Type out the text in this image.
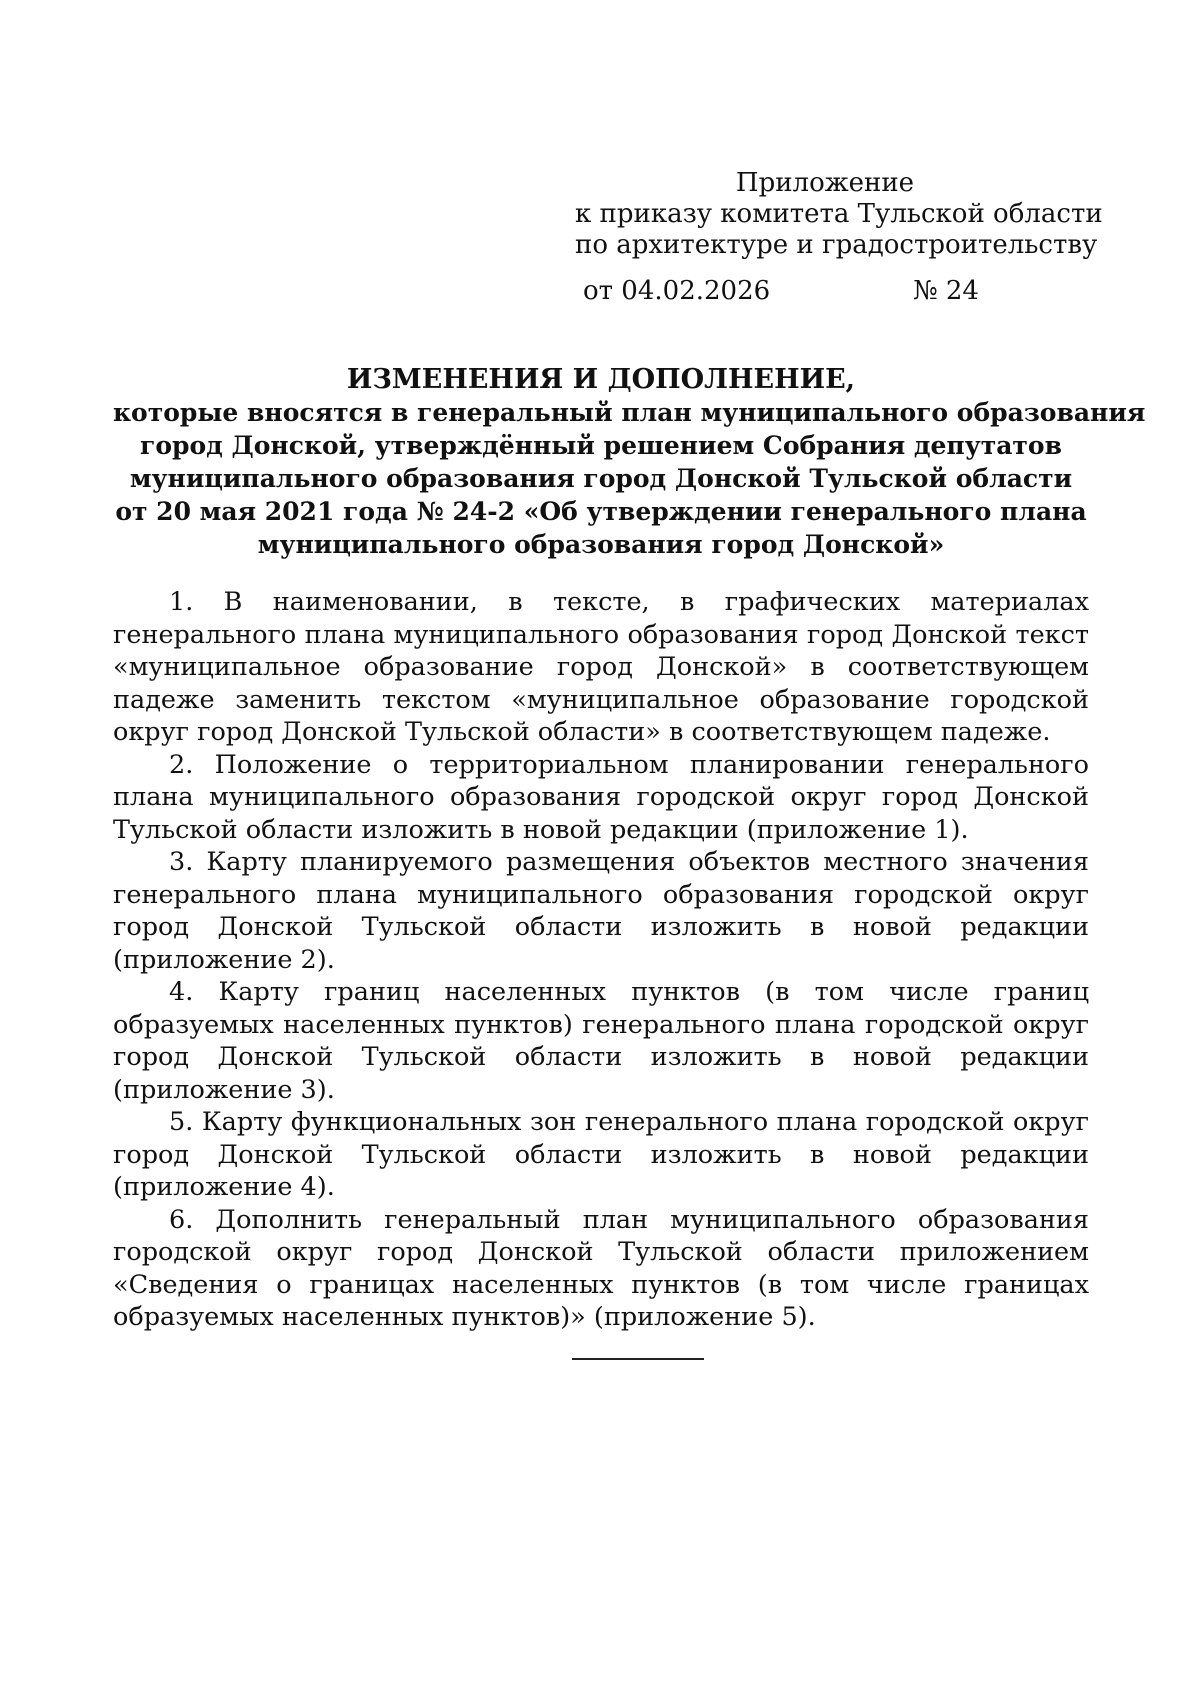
Приложение
к приказу комитета Тульской области
по архитектуре и градостроительству
от 04.02.2026	№ 24
ИЗМЕНЕНИЯ И ДОПОЛНЕНИЕ,
которые вносятся в генеральный план муниципального образования
город Донской, утверждённый решением Собрания депутатов
муниципального образования город Донской Тульской области
от 20 мая 2021 года № 24-2 «Об утверждении генерального плана
муниципального образования город Донской»

1. В наименовании, в тексте, в графических материалах генерального плана муниципального образования город Донской текст «муниципальное образование город Донской» в соответствующем падеже заменить текстом «муниципальное образование городской округ город Донской Тульской области» в соответствующем падеже.

2. Положение о территориальном планировании генерального плана муниципального образования городской округ город Донской Тульской области изложить в новой редакции (приложение 1).

3. Карту планируемого размещения объектов местного значения генерального плана муниципального образования городской округ город Донской Тульской области изложить в новой редакции (приложение 2).

4. Карту границ населенных пунктов (в том числе границ образуемых населенных пунктов) генерального плана городской округ город Донской Тульской области изложить в новой редакции (приложение 3).

5. Карту функциональных зон генерального плана городской округ город Донской Тульской области изложить в новой редакции (приложение 4).

6. Дополнить генеральный план муниципального образования городской округ город Донской Тульской области приложением «Сведения о границах населенных пунктов (в том числе границах образуемых населенных пунктов)» (приложение 5).
